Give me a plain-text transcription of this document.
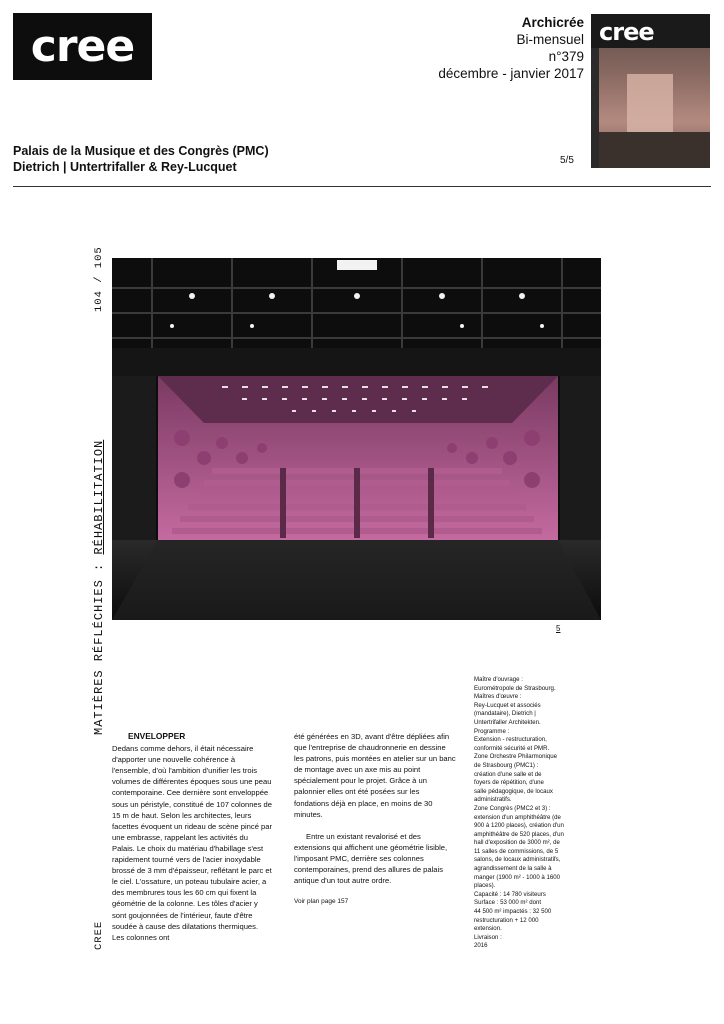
cree	Archicrée
Bi-mensuel
n°379
décembre - janvier 2017
cree
Palais de la Musique et des Congrès (PMC)
Dietrich | Untertrifaller & Rey-Lucquet	5/5
104 / 105
MATIÈRES RÉFLÉCHIES : RÉHABILITATION
CREE
5
ENVELOPPER

Dedans comme dehors, il était nécessaire d'apporter une nouvelle cohérence à l'ensemble, d'où l'ambition d'unifier les trois volumes de différentes époques sous une peau contemporaine. Cee dernière sont enveloppée sous un péristyle, constitué de 107 colonnes de 15 m de haut. Selon les architectes, leurs facettes évoquent un rideau de scène pincé par une embrasse, rappelant les activités du Palais. Le choix du matériau d'habillage s'est rapidement tourné vers de l'acier inoxydable brossé de 3 mm d'épaisseur, reflétant le parc et le ciel. L'ossature, un poteau tubulaire acier, a des membrures tous les 60 cm qui fixent la géométrie de la colonne. Les tôles d'acier y sont goujonnées de l'intérieur, faute d'être soudée à cause des dilatations thermiques. Les colonnes ont

été générées en 3D, avant d'être dépliées afin que l'entreprise de chaudronnerie en dessine les patrons, puis montées en atelier sur un banc de montage avec un axe mis au point spécialement pour le projet. Grâce à un palonnier elles ont été posées sur les fondations déjà en place, en moins de 30 minutes.

Entre un existant revalorisé et des extensions qui affichent une géométrie lisible, l'imposant PMC, derrière ses colonnes contemporaines, prend des allures de palais antique d'un tout autre ordre.

Voir plan page 157

Maître d'ouvrage :
Eurométropole de Strasbourg.
Maîtres d'œuvre :
Rey-Lucquet et associés
(mandataire), Dietrich |
Untertrifaller Architekten.
Programme :
Extension - restructuration,
conformité sécurité et PMR.
Zone Orchestre Philarmonique
de Strasbourg (PMC1) :
création d'une salle et de
foyers de répétition, d'une
salle pédagogique, de locaux
administratifs.
Zone Congrès (PMC2 et 3) :
extension d'un amphithéâtre (de
900 à 1200 places), création d'un
amphithéâtre de 520 places, d'un
hall d'exposition de 3000 m², de
11 salles de commissions, de 5
salons, de locaux administratifs,
agrandissement de la salle à
manger (1900 m² - 1000 à 1600
places).
Capacité : 14 780 visiteurs
Surface : 53 000 m² dont
44 500 m² impactés : 32 500
restructuration + 12 000
extension.
Livraison :
2016
